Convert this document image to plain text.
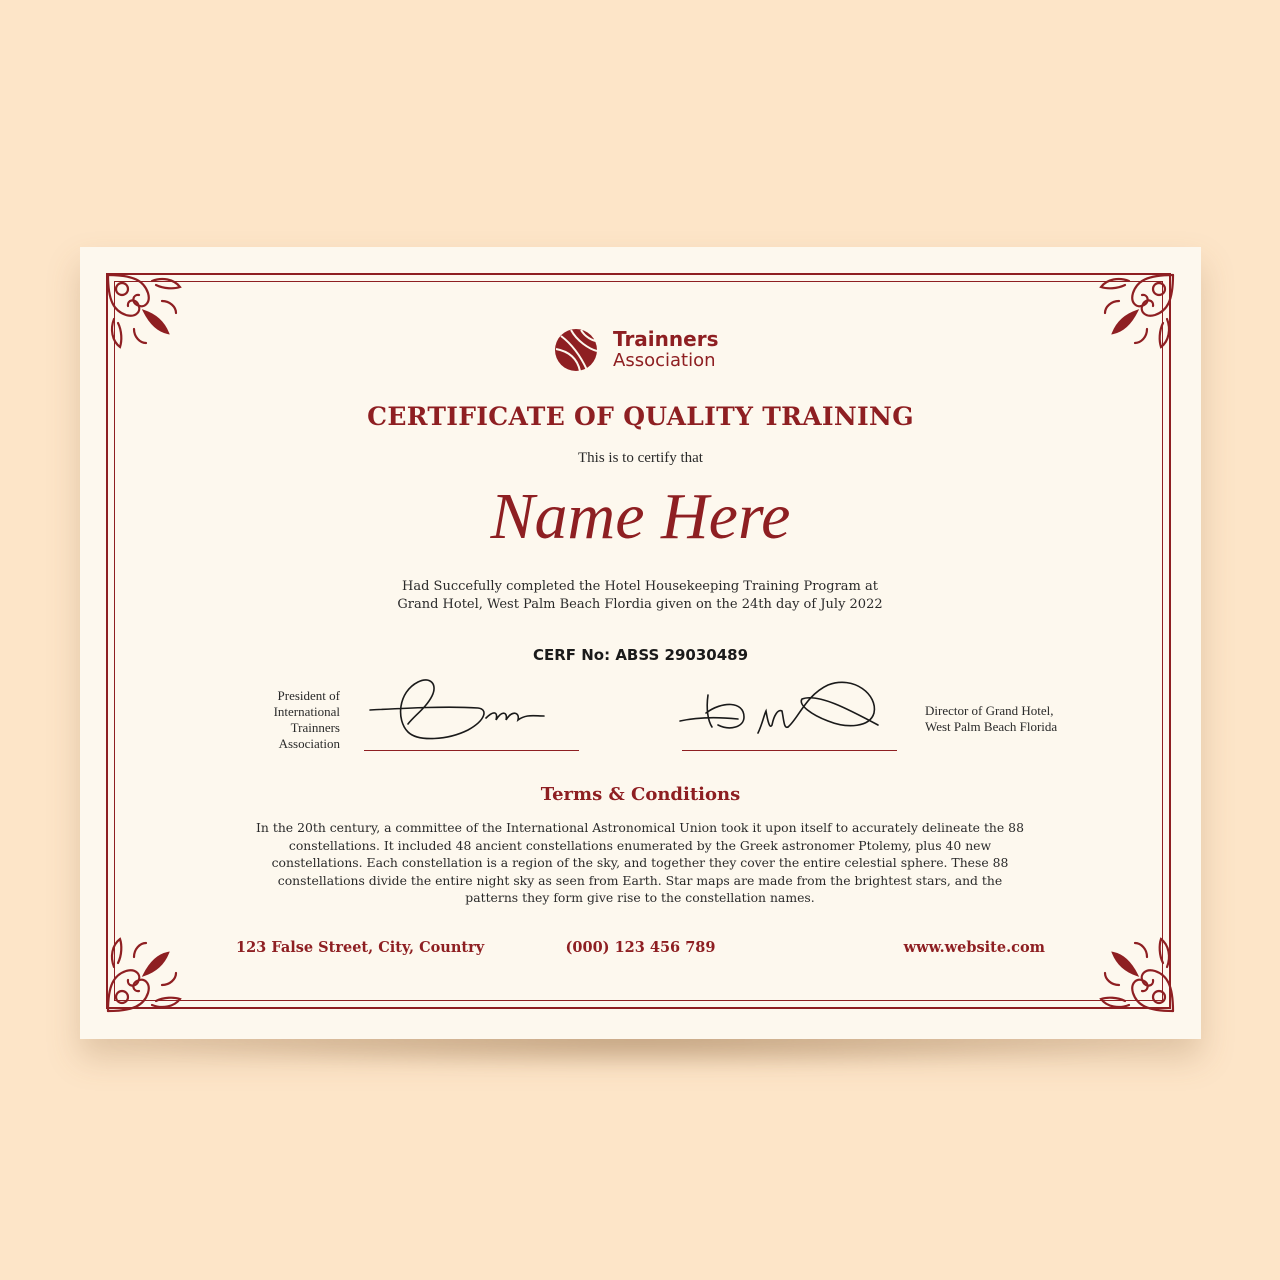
Trainners
Association
CERTIFICATE OF QUALITY TRAINING
This is to certify that
Name Here
Had Succefully completed the Hotel Housekeeping Training Program at Grand Hotel, West Palm Beach Flordia given on the 24th day of July 2022
CERF No: ABSS 29030489
President of International Trainners Association
Director of Grand Hotel, West Palm Beach Florida
Terms & Conditions
In the 20th century, a committee of the International Astronomical Union took it upon itself to accurately delineate the 88 constellations. It included 48 ancient constellations enumerated by the Greek astronomer Ptolemy, plus 40 new constellations. Each constellation is a region of the sky, and together they cover the entire celestial sphere. These 88 constellations divide the entire night sky as seen from Earth. Star maps are made from the brightest stars, and the patterns they form give rise to the constellation names.
123 False Street, City, Country	(000) 123 456 789	www.website.com
